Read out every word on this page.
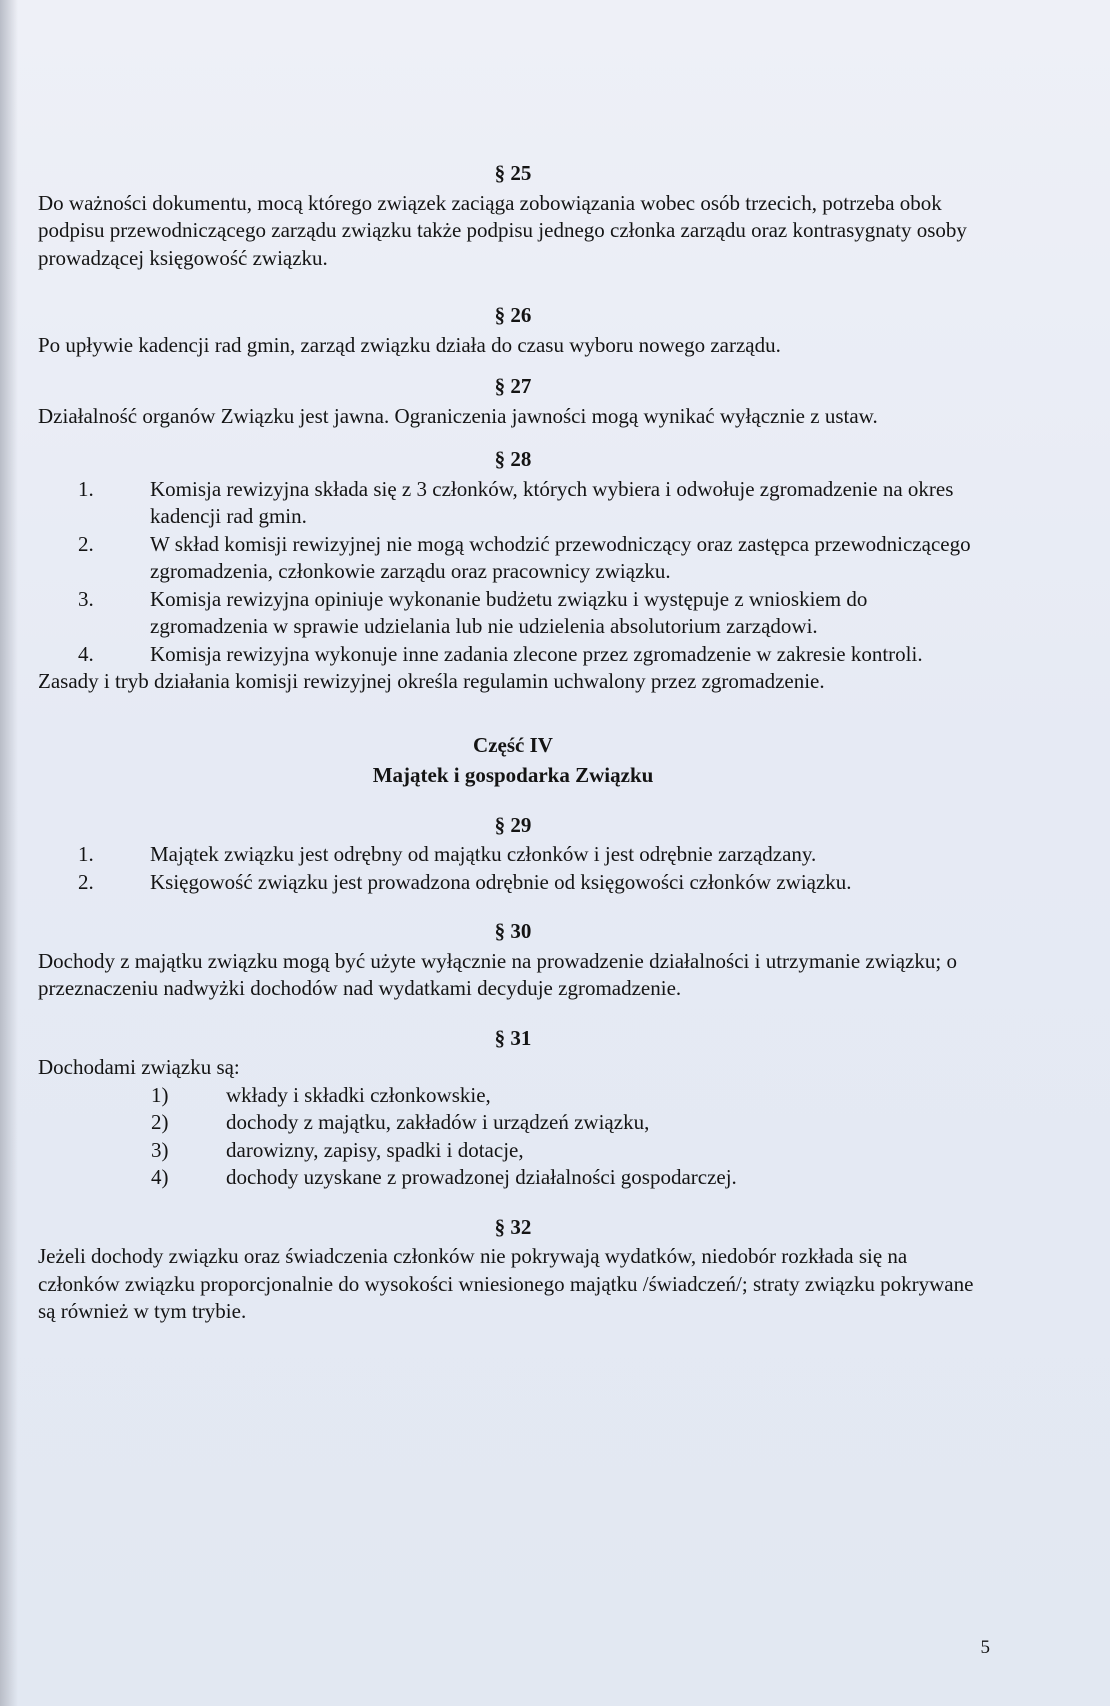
§ 25

Do ważności dokumentu, mocą którego związek zaciąga zobowiązania wobec osób trzecich, potrzeba obok podpisu przewodniczącego zarządu związku także podpisu jednego członka zarządu oraz kontrasygnaty osoby prowadzącej księgowość związku.

§ 26

Po upływie kadencji rad gmin, zarząd związku działa do czasu wyboru nowego zarządu.

§ 27

Działalność organów Związku jest jawna. Ograniczenia jawności mogą wynikać wyłącznie z ustaw.

§ 28
1.	Komisja rewizyjna składa się z 3 członków, których wybiera i odwołuje zgromadzenie na okres kadencji rad gmin.
2.	W skład komisji rewizyjnej nie mogą wchodzić przewodniczący oraz zastępca przewodniczącego zgromadzenia, członkowie zarządu oraz pracownicy związku.
3.	Komisja rewizyjna opiniuje wykonanie budżetu związku i występuje z wnioskiem do zgromadzenia w sprawie udzielania lub nie udzielenia absolutorium zarządowi.
4.	Komisja rewizyjna wykonuje inne zadania zlecone przez zgromadzenie w zakresie kontroli.

Zasady i tryb działania komisji rewizyjnej określa regulamin uchwalony przez zgromadzenie.

Część IV
Majątek i gospodarka Związku
§ 29
1.	Majątek związku jest odrębny od majątku członków i jest odrębnie zarządzany.
2.	Księgowość związku jest prowadzona odrębnie od księgowości członków związku.
§ 30

Dochody z majątku związku mogą być użyte wyłącznie na prowadzenie działalności i utrzymanie związku; o przeznaczeniu nadwyżki dochodów nad wydatkami decyduje zgromadzenie.

§ 31

Dochodami związku są:

1)	wkłady i składki członkowskie,
2)	dochody z majątku, zakładów i urządzeń związku,
3)	darowizny, zapisy, spadki i dotacje,
4)	dochody uzyskane z prowadzonej działalności gospodarczej.
§ 32

Jeżeli dochody związku oraz świadczenia członków nie pokrywają wydatków, niedobór rozkłada się na członków związku proporcjonalnie do wysokości wniesionego majątku /świadczeń/; straty związku pokrywane są również w tym trybie.

5
